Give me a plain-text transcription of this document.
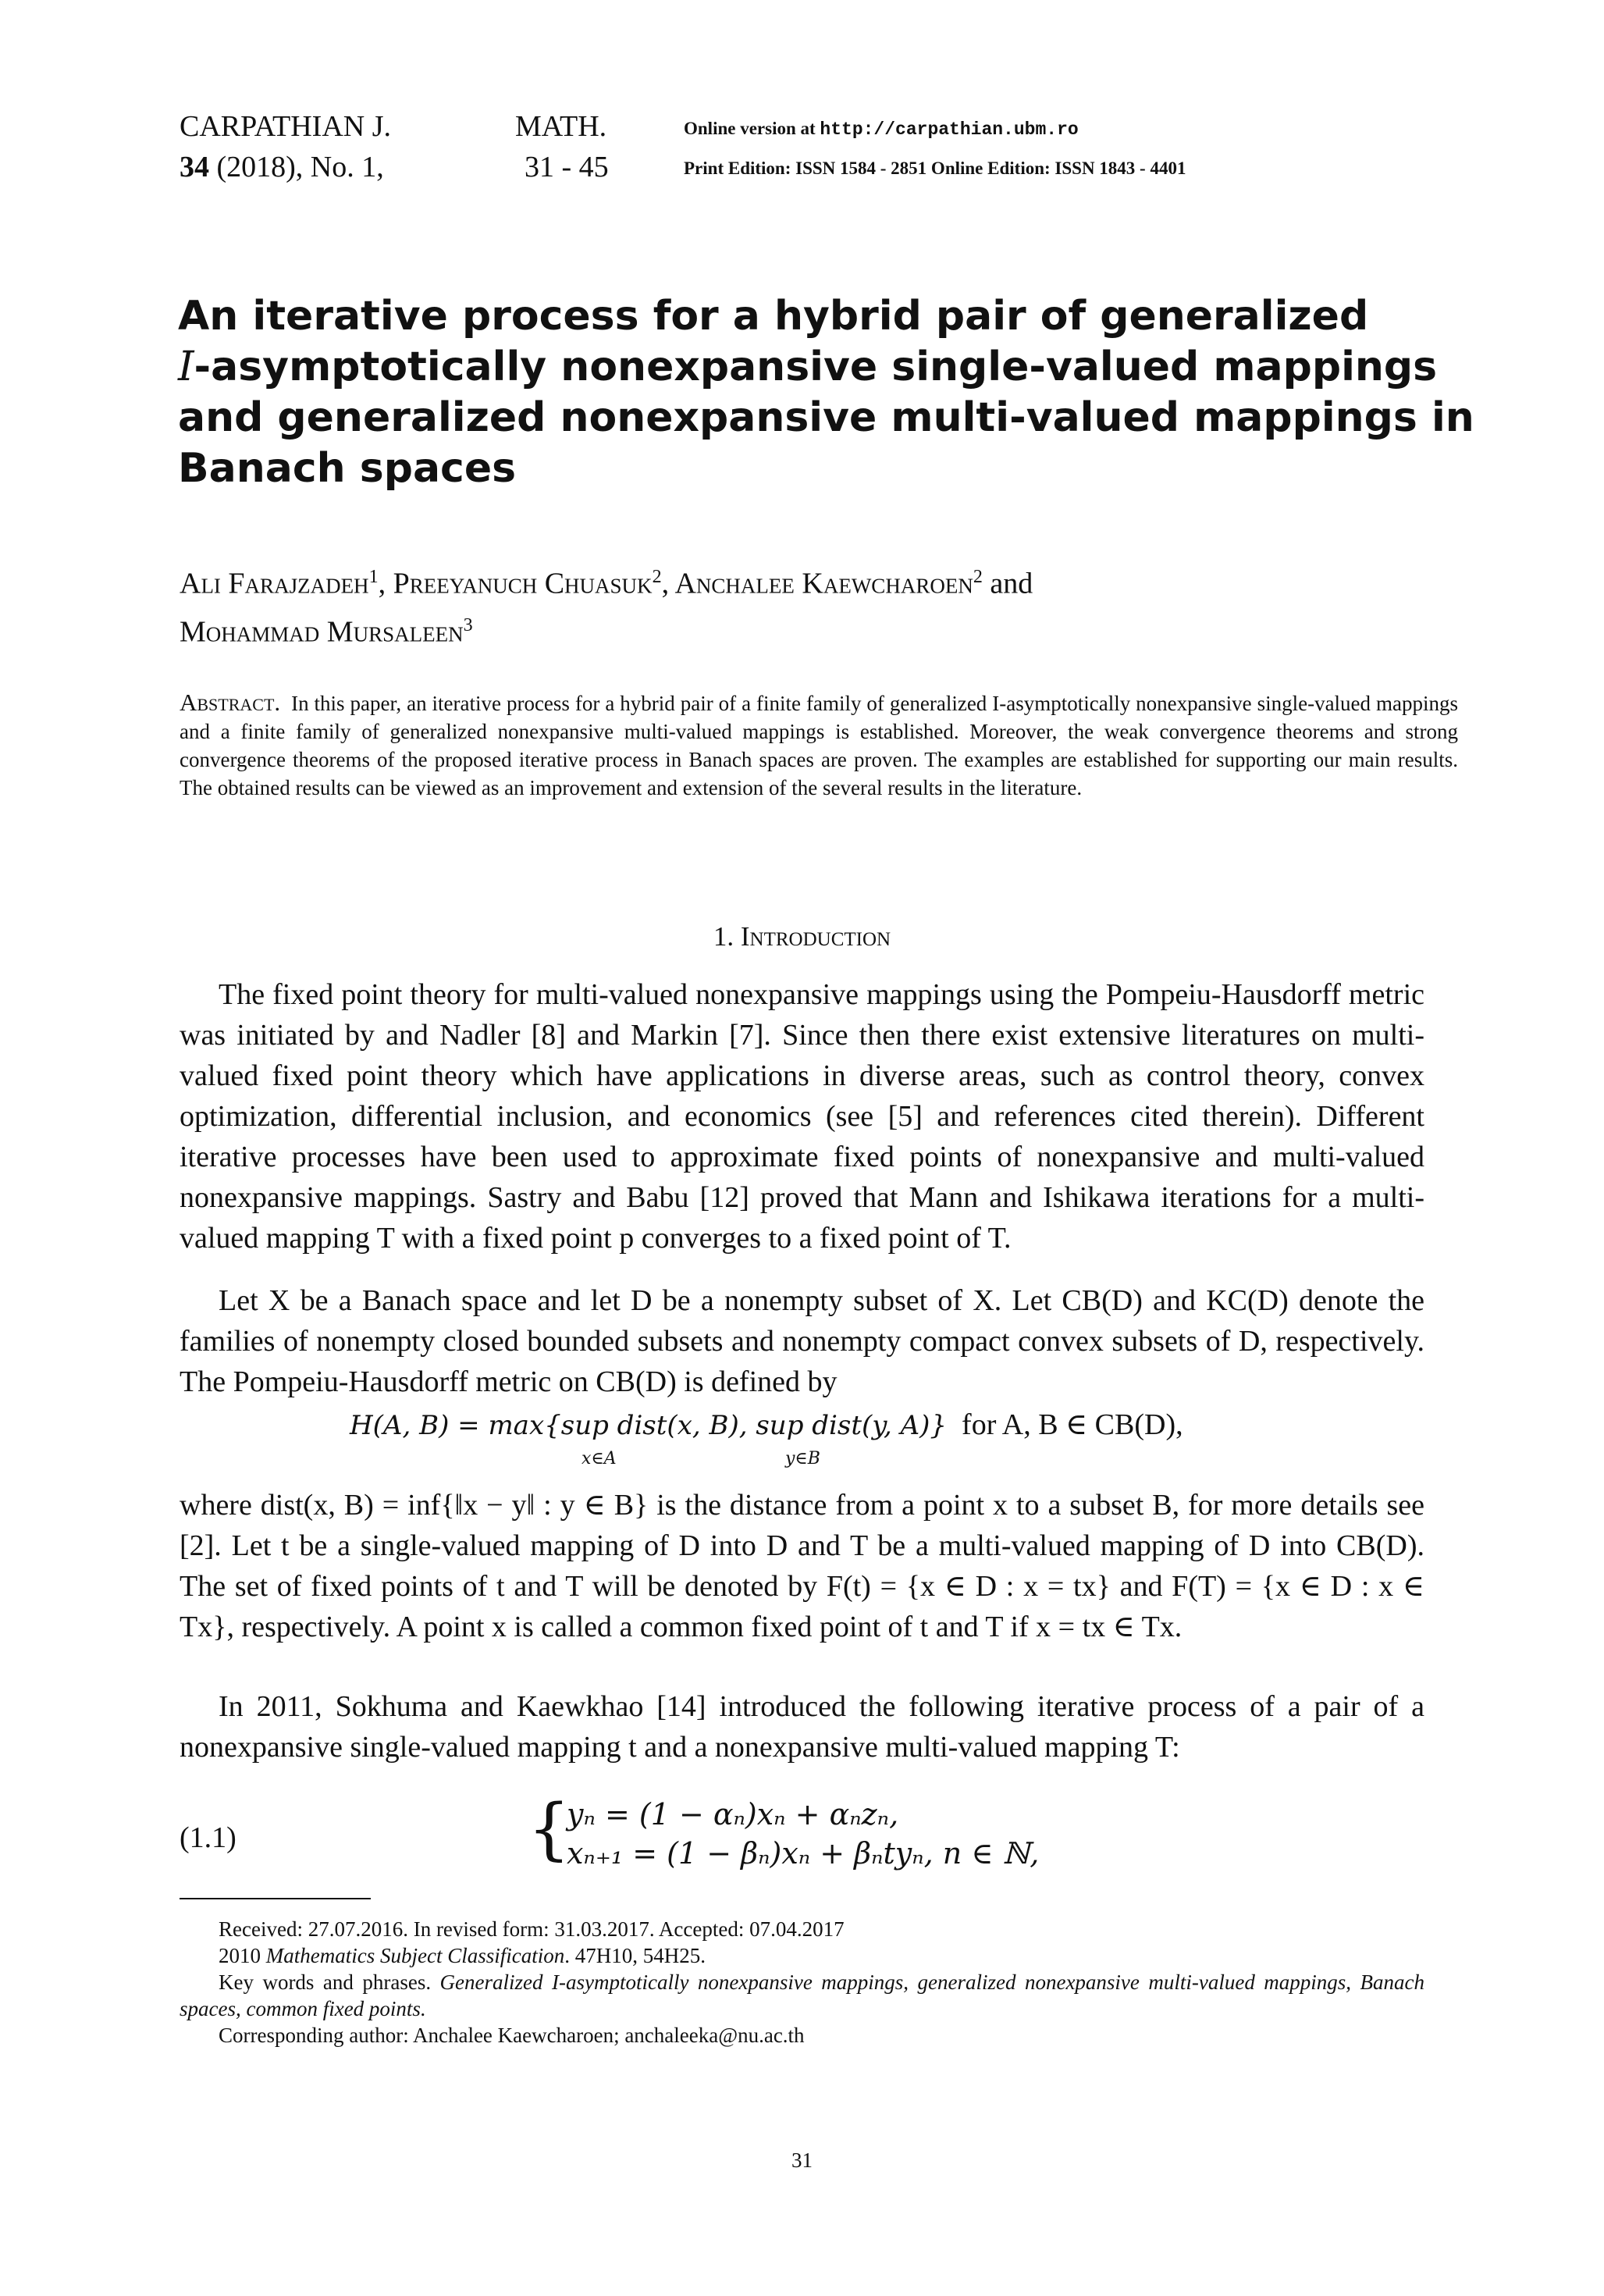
CARPATHIAN J.
34 (2018), No. 1,
MATH.
31 - 45
Online version at http://carpathian.ubm.ro
Print Edition: ISSN 1584 - 2851 Online Edition: ISSN 1843 - 4401
An iterative process for a hybrid pair of generalized
I-asymptotically nonexpansive single-valued mappings
and generalized nonexpansive multi-valued mappings in
Banach spaces
Ali Farajzadeh$^1$, Preeyanuch Chuasuk$^2$, Anchalee Kaewcharoen$^2$ and
Mohammad Mursaleen$^3$
Abstract. In this paper, an iterative process for a hybrid pair of a finite family of generalized I-asymptotically nonexpansive single-valued mappings and a finite family of generalized nonexpansive multi-valued mappings is established. Moreover, the weak convergence theorems and strong convergence theorems of the proposed iterative process in Banach spaces are proven. The examples are established for supporting our main results. The obtained results can be viewed as an improvement and extension of the several results in the literature.
1. Introduction

The fixed point theory for multi-valued nonexpansive mappings using the Pompeiu-Hausdorff metric was initiated by and Nadler [8] and Markin [7]. Since then there exist extensive literatures on multi-valued fixed point theory which have applications in diverse areas, such as control theory, convex optimization, differential inclusion, and economics (see [5] and references cited therein). Different iterative processes have been used to approximate fixed points of nonexpansive and multi-valued nonexpansive mappings. Sastry and Babu [12] proved that Mann and Ishikawa iterations for a multi-valued mapping T with a fixed point p converges to a fixed point of T.

Let X be a Banach space and let D be a nonempty subset of X. Let CB(D) and KC(D) denote the families of nonempty closed bounded subsets and nonempty compact convex subsets of D, respectively. The Pompeiu-Hausdorff metric on CB(D) is defined by

H(A, B) = max{sup dist(x, B), sup dist(y, A)} for A, B ∈ CB(D),
x∈A	y∈B

where dist(x, B) = inf{‖x − y‖ : y ∈ B} is the distance from a point x to a subset B, for more details see [2]. Let t be a single-valued mapping of D into D and T be a multi-valued mapping of D into CB(D). The set of fixed points of t and T will be denoted by F(t) = {x ∈ D : x = tx} and F(T) = {x ∈ D : x ∈ Tx}, respectively. A point x is called a common fixed point of t and T if x = tx ∈ Tx.

In 2011, Sokhuma and Kaewkhao [14] introduced the following iterative process of a pair of a nonexpansive single-valued mapping t and a nonexpansive multi-valued mapping T:

(1.1)	{
yₙ = (1 − αₙ)xₙ + αₙzₙ,
xₙ₊₁ = (1 − βₙ)xₙ + βₙtyₙ, n ∈ ℕ,

Received: 27.07.2016. In revised form: 31.03.2017. Accepted: 07.04.2017

2010 Mathematics Subject Classification. 47H10, 54H25.

Key words and phrases. Generalized I-asymptotically nonexpansive mappings, generalized nonexpansive multi-valued mappings, Banach spaces, common fixed points.

Corresponding author: Anchalee Kaewcharoen; anchaleeka@nu.ac.th

31
